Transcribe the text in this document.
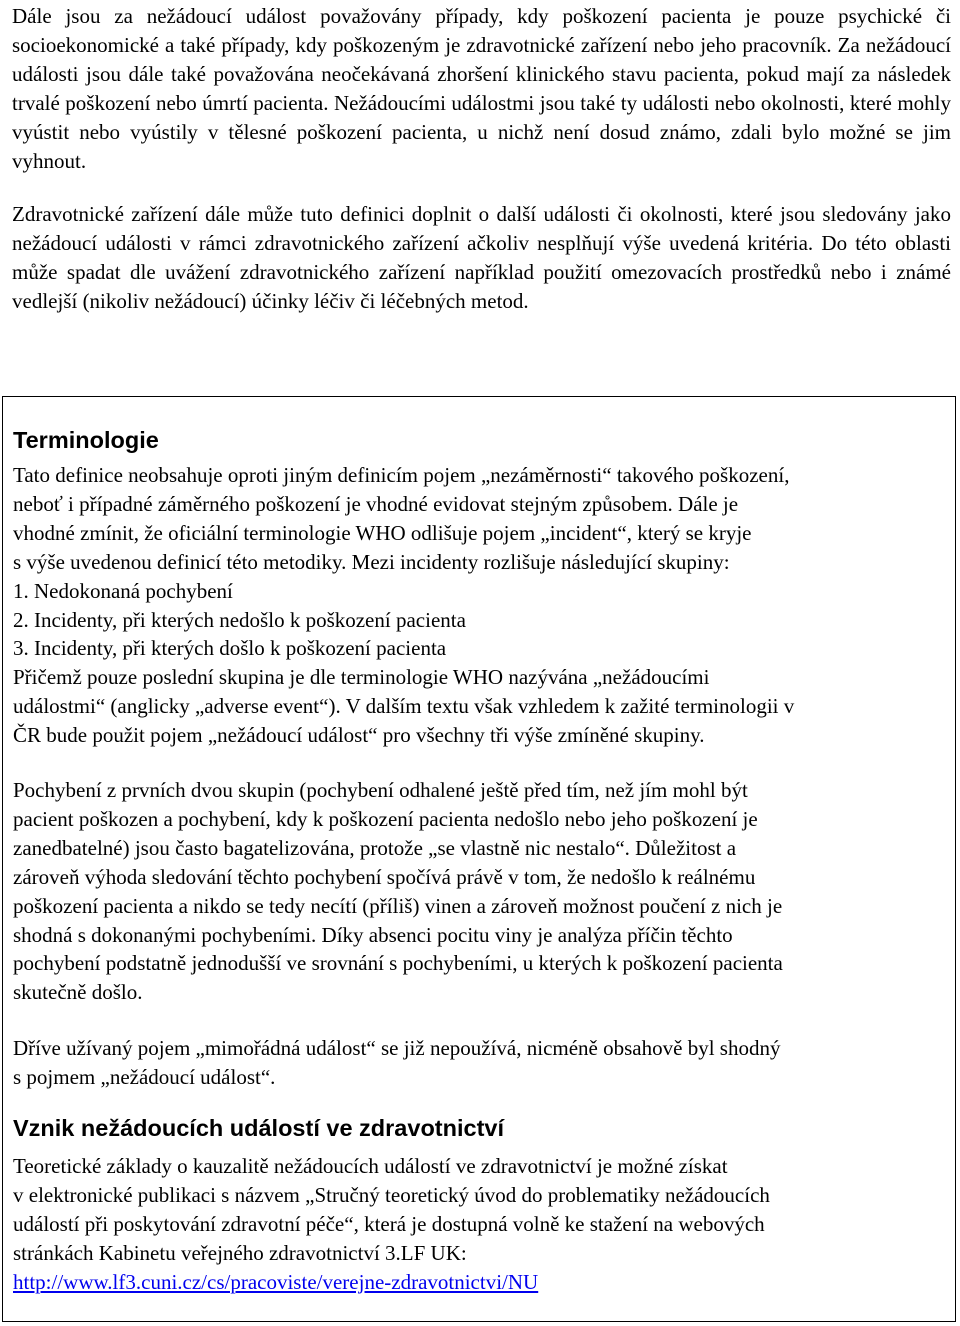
Dále jsou za nežádoucí událost považovány případy, kdy poškození pacienta je pouze psychické či socioekonomické a také případy, kdy poškozeným je zdravotnické zařízení nebo jeho pracovník. Za nežádoucí události jsou dále také považována neočekávaná zhoršení klinického stavu pacienta, pokud mají za následek trvalé poškození nebo úmrtí pacienta. Nežádoucími událostmi jsou také ty události nebo okolnosti, které mohly vyústit nebo vyústily v tělesné poškození pacienta, u nichž není dosud známo, zdali bylo možné se jim vyhnout.

Zdravotnické zařízení dále může tuto definici doplnit o další události či okolnosti, které jsou sledovány jako nežádoucí události v rámci zdravotnického zařízení ačkoliv nesplňují výše uvedená kritéria. Do této oblasti může spadat dle uvážení zdravotnického zařízení například použití omezovacích prostředků nebo i známé vedlejší (nikoliv nežádoucí) účinky léčiv či léčebných metod.

Terminologie
Tato definice neobsahuje oproti jiným definicím pojem „nezáměrnosti“ takového poškození,
neboť i případné záměrného poškození je vhodné evidovat stejným způsobem. Dále je
vhodné zmínit, že oficiální terminologie WHO odlišuje pojem „incident“, který se kryje
s výše uvedenou definicí této metodiky. Mezi incidenty rozlišuje následující skupiny:
1. Nedokonaná pochybení
2. Incidenty, při kterých nedošlo k poškození pacienta
3. Incidenty, při kterých došlo k poškození pacienta
Přičemž pouze poslední skupina je dle terminologie WHO nazývána „nežádoucími
událostmi“ (anglicky „adverse event“). V dalším textu však vzhledem k zažité terminologii v
ČR bude použit pojem „nežádoucí událost“ pro všechny tři výše zmíněné skupiny.
Pochybení z prvních dvou skupin (pochybení odhalené ještě před tím, než jím mohl být
pacient poškozen a pochybení, kdy k poškození pacienta nedošlo nebo jeho poškození je
zanedbatelné) jsou často bagatelizována, protože „se vlastně nic nestalo“. Důležitost a
zároveň výhoda sledování těchto pochybení spočívá právě v tom, že nedošlo k reálnému
poškození pacienta a nikdo se tedy necítí (příliš) vinen a zároveň možnost poučení z nich je
shodná s dokonanými pochybeními. Díky absenci pocitu viny je analýza příčin těchto
pochybení podstatně jednodušší ve srovnání s pochybeními, u kterých k poškození pacienta
skutečně došlo.
Dříve užívaný pojem „mimořádná událost“ se již nepoužívá, nicméně obsahově byl shodný
s pojmem „nežádoucí událost“.
Vznik nežádoucích událostí ve zdravotnictví
Teoretické základy o kauzalitě nežádoucích událostí ve zdravotnictví je možné získat
v elektronické publikaci s názvem „Stručný teoretický úvod do problematiky nežádoucích
událostí při poskytování zdravotní péče“, která je dostupná volně ke stažení na webových
stránkách Kabinetu veřejného zdravotnictví 3.LF UK:
http://www.lf3.cuni.cz/cs/pracoviste/verejne-zdravotnictvi/NU
